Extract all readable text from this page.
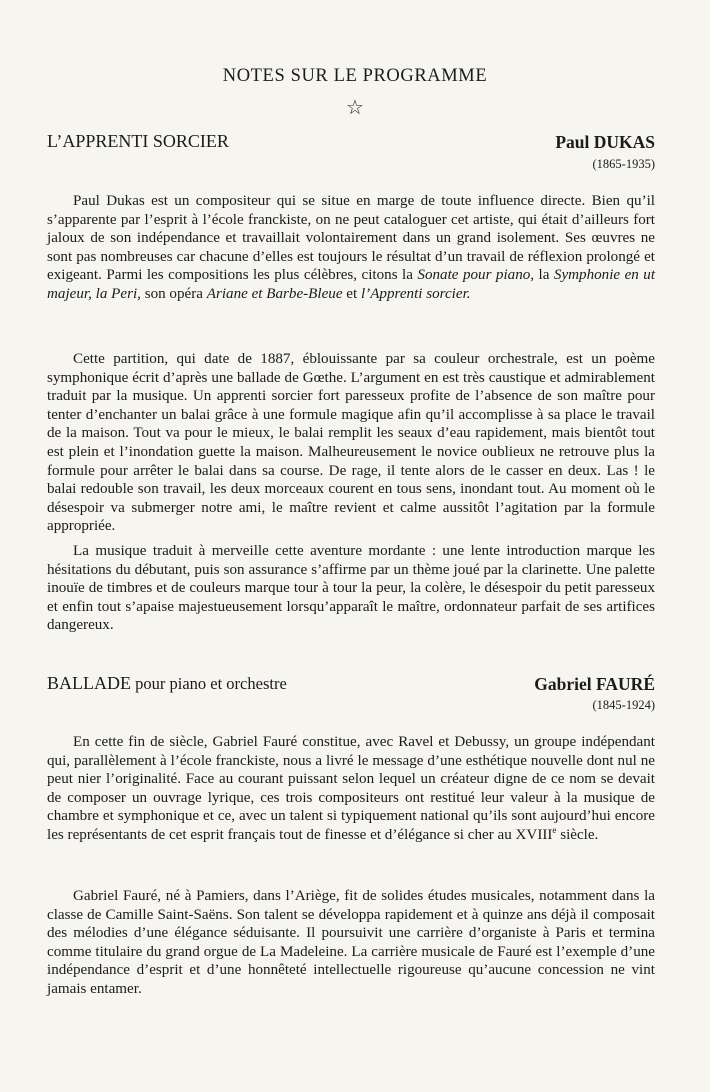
NOTES SUR LE PROGRAMME
☆
L’APPRENTI SORCIER	Paul DUKAS
(1865-1935)
Paul Dukas est un compositeur qui se situe en marge de toute influence directe. Bien qu’il s’apparente par l’esprit à l’école franckiste, on ne peut cataloguer cet artiste, qui était d’ailleurs fort jaloux de son indépendance et travaillait volontairement dans un grand isolement. Ses œuvres ne sont pas nombreuses car chacune d’elles est toujours le résultat d’un travail de réflexion prolongé et exigeant. Parmi les compositions les plus célèbres, citons la Sonate pour piano, la Symphonie en ut majeur, la Peri, son opéra Ariane et Barbe-Bleue et l’Apprenti sorcier.
Cette partition, qui date de 1887, éblouissante par sa couleur orchestrale, est un poème symphonique écrit d’après une ballade de Gœthe. L’argument en est très caustique et admirablement traduit par la musique. Un apprenti sorcier fort paresseux profite de l’absence de son maître pour tenter d’enchanter un balai grâce à une formule magique afin qu’il accomplisse à sa place le travail de la maison. Tout va pour le mieux, le balai remplit les seaux d’eau rapidement, mais bientôt tout est plein et l’inondation guette la maison. Malheureusement le novice oublieux ne retrouve plus la formule pour arrêter le balai dans sa course. De rage, il tente alors de le casser en deux. Las ! le balai redouble son travail, les deux morceaux courent en tous sens, inondant tout. Au moment où le désespoir va submerger notre ami, le maître revient et calme aussitôt l’agitation par la formule appropriée.
La musique traduit à merveille cette aventure mordante : une lente introduction marque les hésitations du débutant, puis son assurance s’affirme par un thème joué par la clarinette. Une palette inouïe de timbres et de couleurs marque tour à tour la peur, la colère, le désespoir du petit paresseux et enfin tout s’apaise majestueusement lorsqu’apparaît le maître, ordonnateur parfait de ses artifices dangereux.
BALLADE pour piano et orchestre	Gabriel FAURÉ
(1845-1924)
En cette fin de siècle, Gabriel Fauré constitue, avec Ravel et Debussy, un groupe indépendant qui, parallèlement à l’école franckiste, nous a livré le message d’une esthétique nouvelle dont nul ne peut nier l’originalité. Face au courant puissant selon lequel un créateur digne de ce nom se devait de composer un ouvrage lyrique, ces trois compositeurs ont restitué leur valeur à la musique de chambre et symphonique et ce, avec un talent si typiquement national qu’ils sont aujourd’hui encore les représentants de cet esprit français tout de finesse et d’élégance si cher au XVIIIe siècle.
Gabriel Fauré, né à Pamiers, dans l’Ariège, fit de solides études musicales, notamment dans la classe de Camille Saint-Saëns. Son talent se développa rapidement et à quinze ans déjà il composait des mélodies d’une élégance séduisante. Il poursuivit une carrière d’organiste à Paris et termina comme titulaire du grand orgue de La Madeleine. La carrière musicale de Fauré est l’exemple d’une indépendance d’esprit et d’une honnêteté intellectuelle rigoureuse qu’aucune concession ne vint jamais entamer.
